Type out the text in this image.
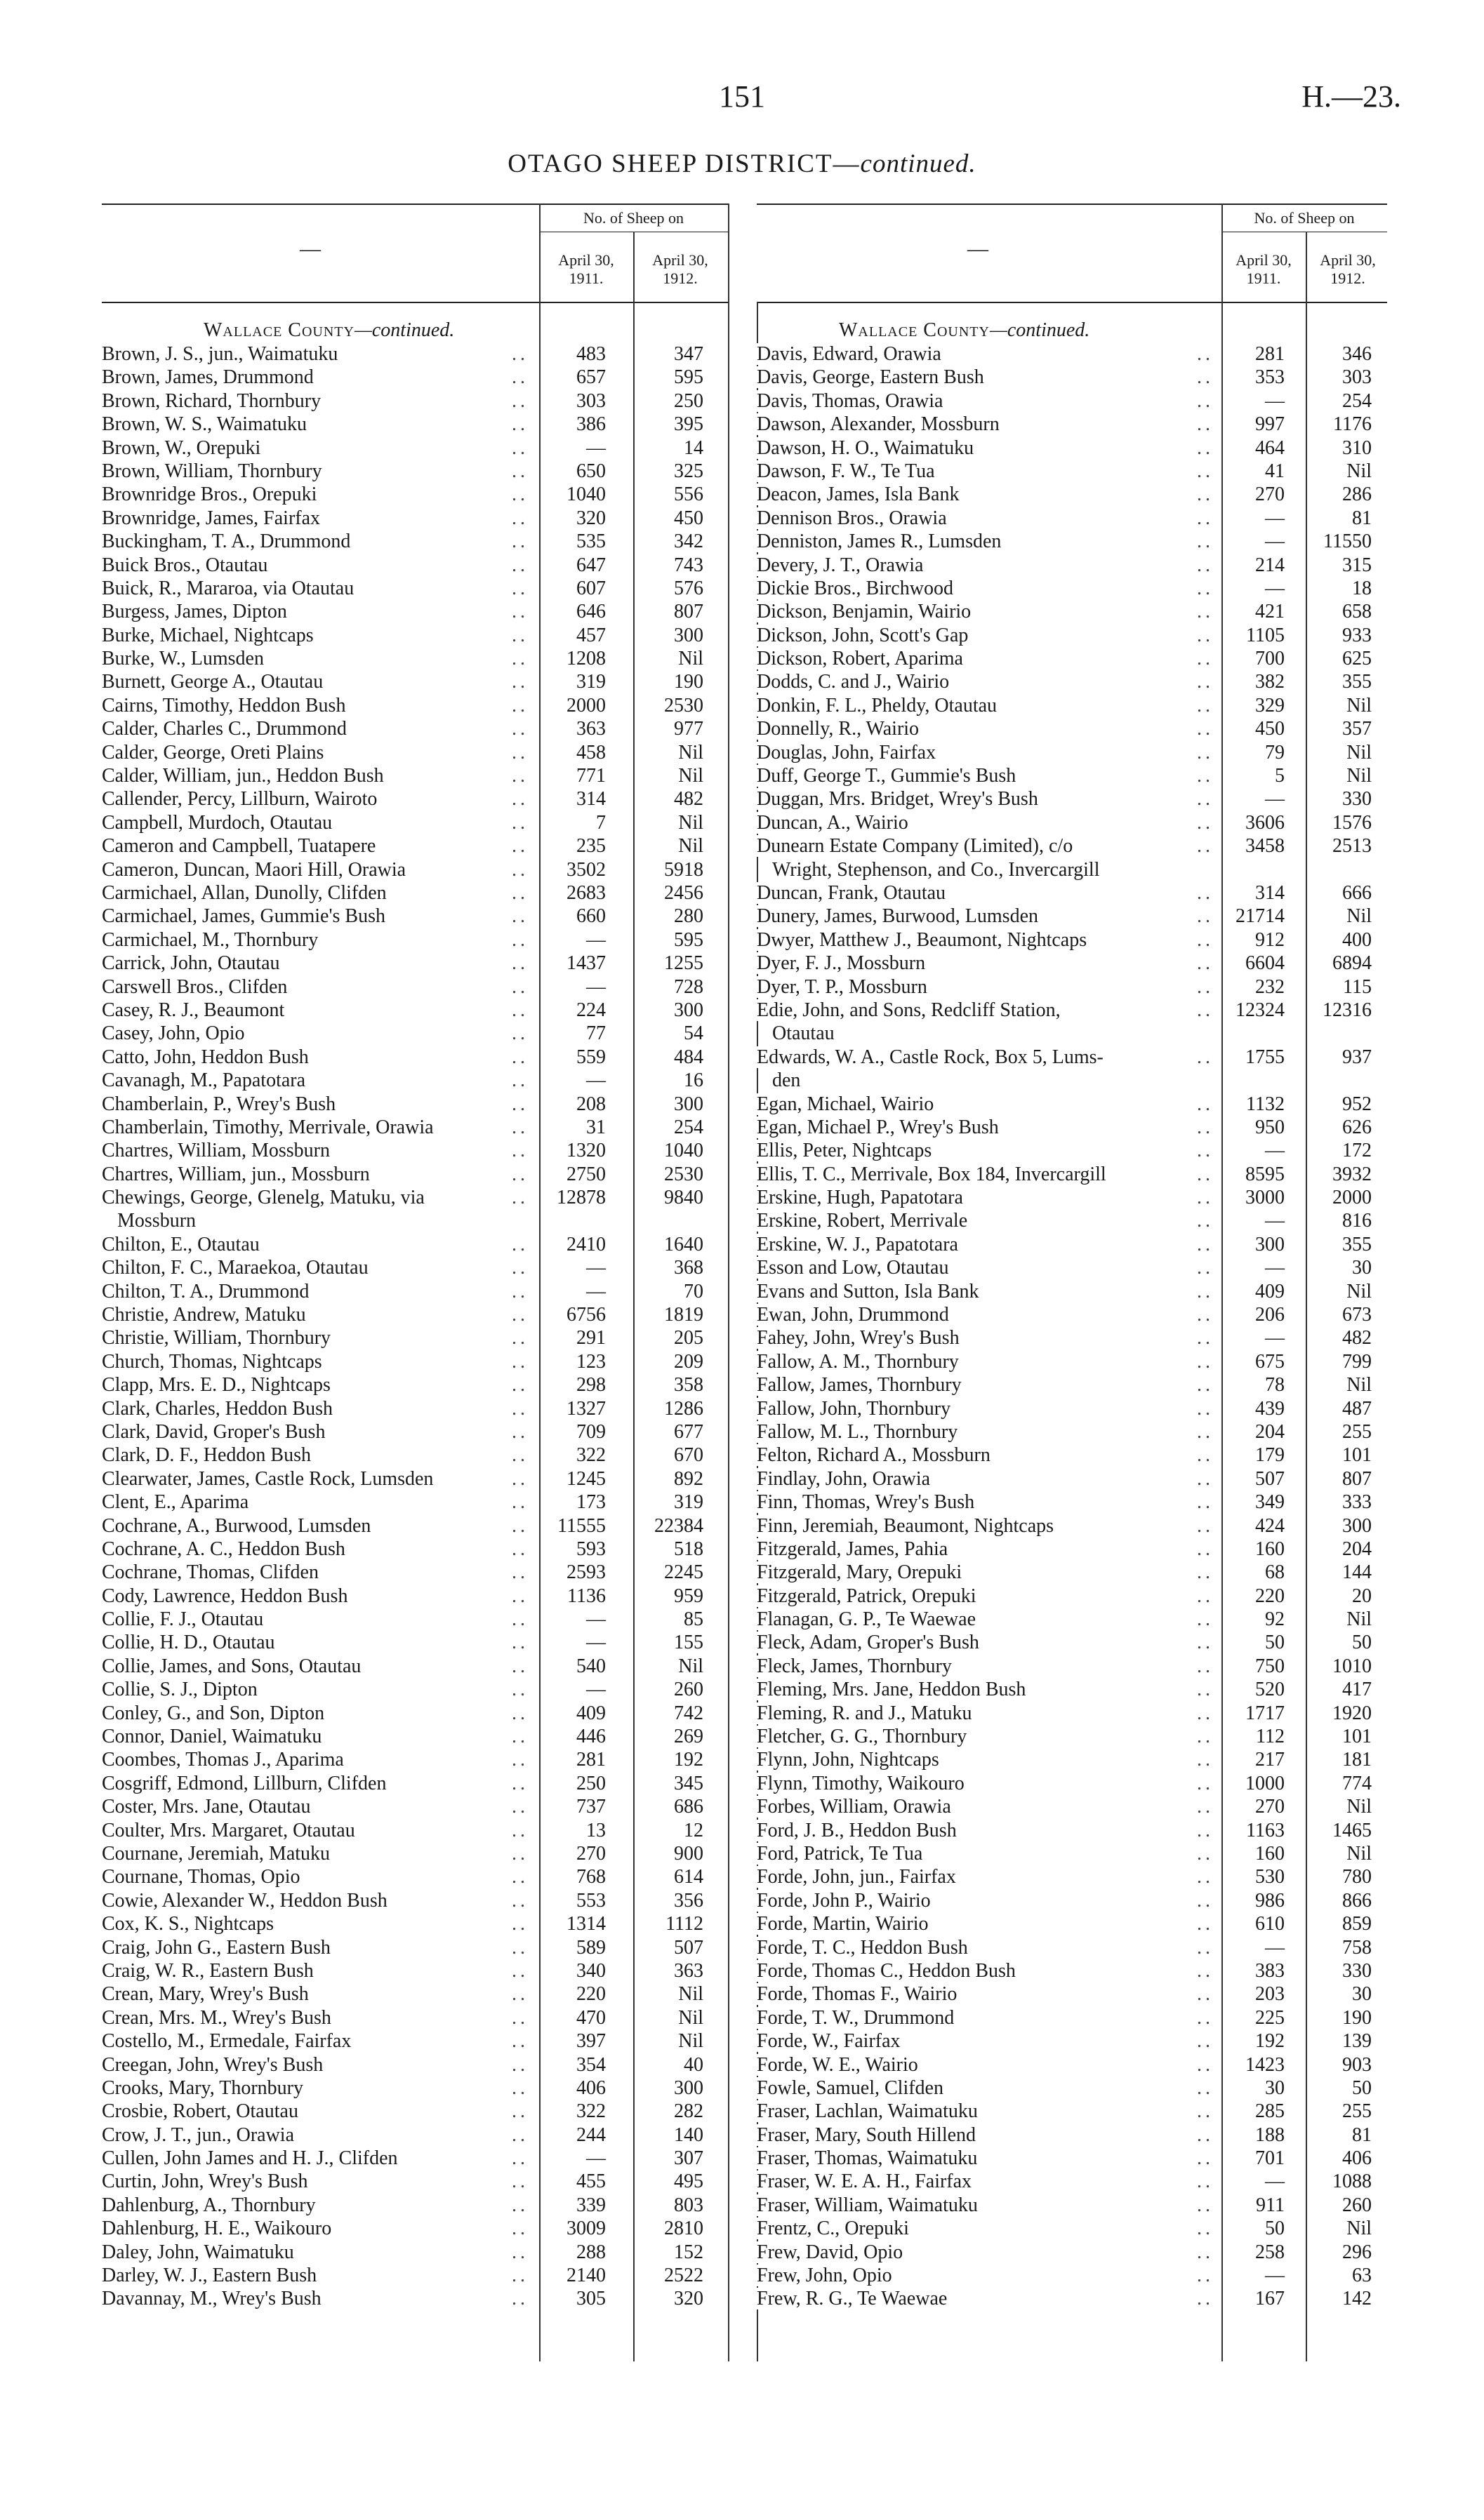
151	H.—23.
OTAGO SHEEP DISTRICT—continued.
No. of Sheep on
April 30, 1911.
April 30, 1912.
—
Wallace County—continued.
No. of Sheep on
April 30, 1911.
April 30, 1912.
—
Wallace County—continued.
Brown, J. S., jun., Waimatuku	..	483	347
Brown, James, Drummond	..	657	595
Brown, Richard, Thornbury	..	303	250
Brown, W. S., Waimatuku	..	386	395
Brown, W., Orepuki	..	—	14
Brown, William, Thornbury	..	650	325
Brownridge Bros., Orepuki	..	1040	556
Brownridge, James, Fairfax	..	320	450
Buckingham, T. A., Drummond	..	535	342
Buick Bros., Otautau	..	647	743
Buick, R., Mararoa, via Otautau	..	607	576
Burgess, James, Dipton	..	646	807
Burke, Michael, Nightcaps	..	457	300
Burke, W., Lumsden	..	1208	Nil
Burnett, George A., Otautau	..	319	190
Cairns, Timothy, Heddon Bush	..	2000	2530
Calder, Charles C., Drummond	..	363	977
Calder, George, Oreti Plains	..	458	Nil
Calder, William, jun., Heddon Bush	..	771	Nil
Callender, Percy, Lillburn, Wairoto	..	314	482
Campbell, Murdoch, Otautau	..	7	Nil
Cameron and Campbell, Tuatapere	..	235	Nil
Cameron, Duncan, Maori Hill, Orawia	..	3502	5918
Carmichael, Allan, Dunolly, Clifden	..	2683	2456
Carmichael, James, Gummie's Bush	..	660	280
Carmichael, M., Thornbury	..	—	595
Carrick, John, Otautau	..	1437	1255
Carswell Bros., Clifden	..	—	728
Casey, R. J., Beaumont	..	224	300
Casey, John, Opio	..	77	54
Catto, John, Heddon Bush	..	559	484
Cavanagh, M., Papatotara	..	—	16
Chamberlain, P., Wrey's Bush	..	208	300
Chamberlain, Timothy, Merrivale, Orawia	..	31	254
Chartres, William, Mossburn	..	1320	1040
Chartres, William, jun., Mossburn	..	2750	2530
Chewings, George, Glenelg, Matuku, via	..	12878	9840
Mossburn
Chilton, E., Otautau	..	2410	1640
Chilton, F. C., Maraekoa, Otautau	..	—	368
Chilton, T. A., Drummond	..	—	70
Christie, Andrew, Matuku	..	6756	1819
Christie, William, Thornbury	..	291	205
Church, Thomas, Nightcaps	..	123	209
Clapp, Mrs. E. D., Nightcaps	..	298	358
Clark, Charles, Heddon Bush	..	1327	1286
Clark, David, Groper's Bush	..	709	677
Clark, D. F., Heddon Bush	..	322	670
Clearwater, James, Castle Rock, Lumsden	..	1245	892
Clent, E., Aparima	..	173	319
Cochrane, A., Burwood, Lumsden	..	11555	22384
Cochrane, A. C., Heddon Bush	..	593	518
Cochrane, Thomas, Clifden	..	2593	2245
Cody, Lawrence, Heddon Bush	..	1136	959
Collie, F. J., Otautau	..	—	85
Collie, H. D., Otautau	..	—	155
Collie, James, and Sons, Otautau	..	540	Nil
Collie, S. J., Dipton	..	—	260
Conley, G., and Son, Dipton	..	409	742
Connor, Daniel, Waimatuku	..	446	269
Coombes, Thomas J., Aparima	..	281	192
Cosgriff, Edmond, Lillburn, Clifden	..	250	345
Coster, Mrs. Jane, Otautau	..	737	686
Coulter, Mrs. Margaret, Otautau	..	13	12
Cournane, Jeremiah, Matuku	..	270	900
Cournane, Thomas, Opio	..	768	614
Cowie, Alexander W., Heddon Bush	..	553	356
Cox, K. S., Nightcaps	..	1314	1112
Craig, John G., Eastern Bush	..	589	507
Craig, W. R., Eastern Bush	..	340	363
Crean, Mary, Wrey's Bush	..	220	Nil
Crean, Mrs. M., Wrey's Bush	..	470	Nil
Costello, M., Ermedale, Fairfax	..	397	Nil
Creegan, John, Wrey's Bush	..	354	40
Crooks, Mary, Thornbury	..	406	300
Crosbie, Robert, Otautau	..	322	282
Crow, J. T., jun., Orawia	..	244	140
Cullen, John James and H. J., Clifden	..	—	307
Curtin, John, Wrey's Bush	..	455	495
Dahlenburg, A., Thornbury	..	339	803
Dahlenburg, H. E., Waikouro	..	3009	2810
Daley, John, Waimatuku	..	288	152
Darley, W. J., Eastern Bush	..	2140	2522
Davannay, M., Wrey's Bush	..	305	320
Davis, Edward, Orawia	..	281	346
Davis, George, Eastern Bush	..	353	303
Davis, Thomas, Orawia	..	—	254
Dawson, Alexander, Mossburn	..	997	1176
Dawson, H. O., Waimatuku	..	464	310
Dawson, F. W., Te Tua	..	41	Nil
Deacon, James, Isla Bank	..	270	286
Dennison Bros., Orawia	..	—	81
Denniston, James R., Lumsden	..	—	11550
Devery, J. T., Orawia	..	214	315
Dickie Bros., Birchwood	..	—	18
Dickson, Benjamin, Wairio	..	421	658
Dickson, John, Scott's Gap	..	1105	933
Dickson, Robert, Aparima	..	700	625
Dodds, C. and J., Wairio	..	382	355
Donkin, F. L., Pheldy, Otautau	..	329	Nil
Donnelly, R., Wairio	..	450	357
Douglas, John, Fairfax	..	79	Nil
Duff, George T., Gummie's Bush	..	5	Nil
Duggan, Mrs. Bridget, Wrey's Bush	..	—	330
Duncan, A., Wairio	..	3606	1576
Dunearn Estate Company (Limited), c/o	..	3458	2513
Wright, Stephenson, and Co., Invercargill
Duncan, Frank, Otautau	..	314	666
Dunery, James, Burwood, Lumsden	..	21714	Nil
Dwyer, Matthew J., Beaumont, Nightcaps	..	912	400
Dyer, F. J., Mossburn	..	6604	6894
Dyer, T. P., Mossburn	..	232	115
Edie, John, and Sons, Redcliff Station,	..	12324	12316
Otautau
Edwards, W. A., Castle Rock, Box 5, Lums-	..	1755	937
den
Egan, Michael, Wairio	..	1132	952
Egan, Michael P., Wrey's Bush	..	950	626
Ellis, Peter, Nightcaps	..	—	172
Ellis, T. C., Merrivale, Box 184, Invercargill	..	8595	3932
Erskine, Hugh, Papatotara	..	3000	2000
Erskine, Robert, Merrivale	..	—	816
Erskine, W. J., Papatotara	..	300	355
Esson and Low, Otautau	..	—	30
Evans and Sutton, Isla Bank	..	409	Nil
Ewan, John, Drummond	..	206	673
Fahey, John, Wrey's Bush	..	—	482
Fallow, A. M., Thornbury	..	675	799
Fallow, James, Thornbury	..	78	Nil
Fallow, John, Thornbury	..	439	487
Fallow, M. L., Thornbury	..	204	255
Felton, Richard A., Mossburn	..	179	101
Findlay, John, Orawia	..	507	807
Finn, Thomas, Wrey's Bush	..	349	333
Finn, Jeremiah, Beaumont, Nightcaps	..	424	300
Fitzgerald, James, Pahia	..	160	204
Fitzgerald, Mary, Orepuki	..	68	144
Fitzgerald, Patrick, Orepuki	..	220	20
Flanagan, G. P., Te Waewae	..	92	Nil
Fleck, Adam, Groper's Bush	..	50	50
Fleck, James, Thornbury	..	750	1010
Fleming, Mrs. Jane, Heddon Bush	..	520	417
Fleming, R. and J., Matuku	..	1717	1920
Fletcher, G. G., Thornbury	..	112	101
Flynn, John, Nightcaps	..	217	181
Flynn, Timothy, Waikouro	..	1000	774
Forbes, William, Orawia	..	270	Nil
Ford, J. B., Heddon Bush	..	1163	1465
Ford, Patrick, Te Tua	..	160	Nil
Forde, John, jun., Fairfax	..	530	780
Forde, John P., Wairio	..	986	866
Forde, Martin, Wairio	..	610	859
Forde, T. C., Heddon Bush	..	—	758
Forde, Thomas C., Heddon Bush	..	383	330
Forde, Thomas F., Wairio	..	203	30
Forde, T. W., Drummond	..	225	190
Forde, W., Fairfax	..	192	139
Forde, W. E., Wairio	..	1423	903
Fowle, Samuel, Clifden	..	30	50
Fraser, Lachlan, Waimatuku	..	285	255
Fraser, Mary, South Hillend	..	188	81
Fraser, Thomas, Waimatuku	..	701	406
Fraser, W. E. A. H., Fairfax	..	—	1088
Fraser, William, Waimatuku	..	911	260
Frentz, C., Orepuki	..	50	Nil
Frew, David, Opio	..	258	296
Frew, John, Opio	..	—	63
Frew, R. G., Te Waewae	..	167	142
